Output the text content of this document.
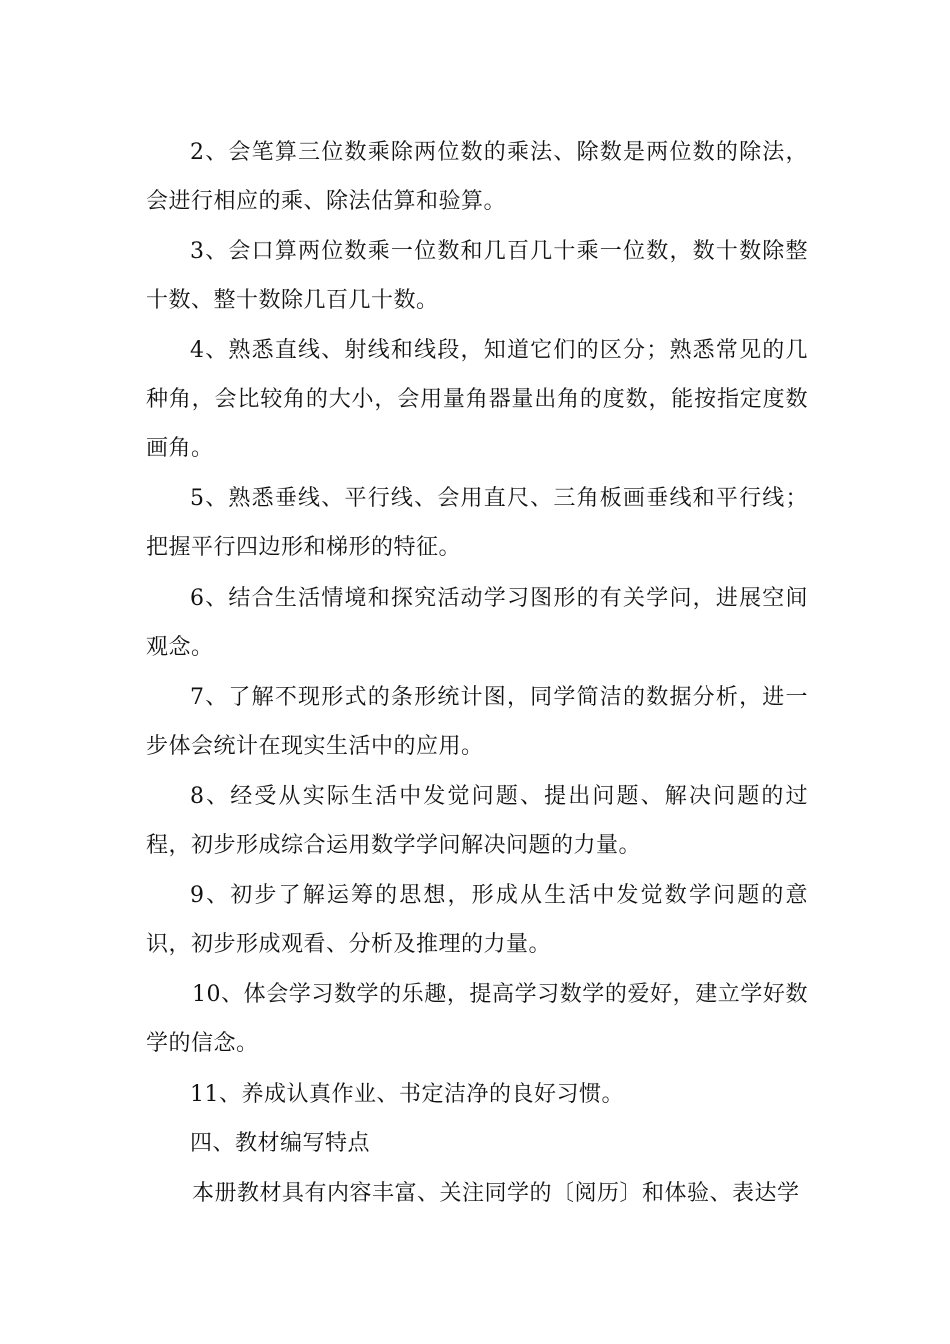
2、会笔算三位数乘除两位数的乘法、除数是两位数的除法，会进行相应的乘、除法估算和验算。

3、会口算两位数乘一位数和几百几十乘一位数，数十数除整十数、整十数除几百几十数。

4、熟悉直线、射线和线段，知道它们的区分；熟悉常见的几种角，会比较角的大小，会用量角器量出角的度数，能按指定度数画角。

5、熟悉垂线、平行线、会用直尺、三角板画垂线和平行线；把握平行四边形和梯形的特征。

6、结合生活情境和探究活动学习图形的有关学问，进展空间观念。

7、了解不现形式的条形统计图，同学简洁的数据分析，进一步体会统计在现实生活中的应用。

8、经受从实际生活中发觉问题、提出问题、解决问题的过程，初步形成综合运用数学学问解决问题的力量。

9、初步了解运筹的思想，形成从生活中发觉数学问题的意识，初步形成观看、分析及推理的力量。

10、体会学习数学的乐趣，提高学习数学的爱好，建立学好数学的信念。

11、养成认真作业、书定洁净的良好习惯。

四、教材编写特点

本册教材具有内容丰富、关注同学的〔阅历〕和体验、表达学
